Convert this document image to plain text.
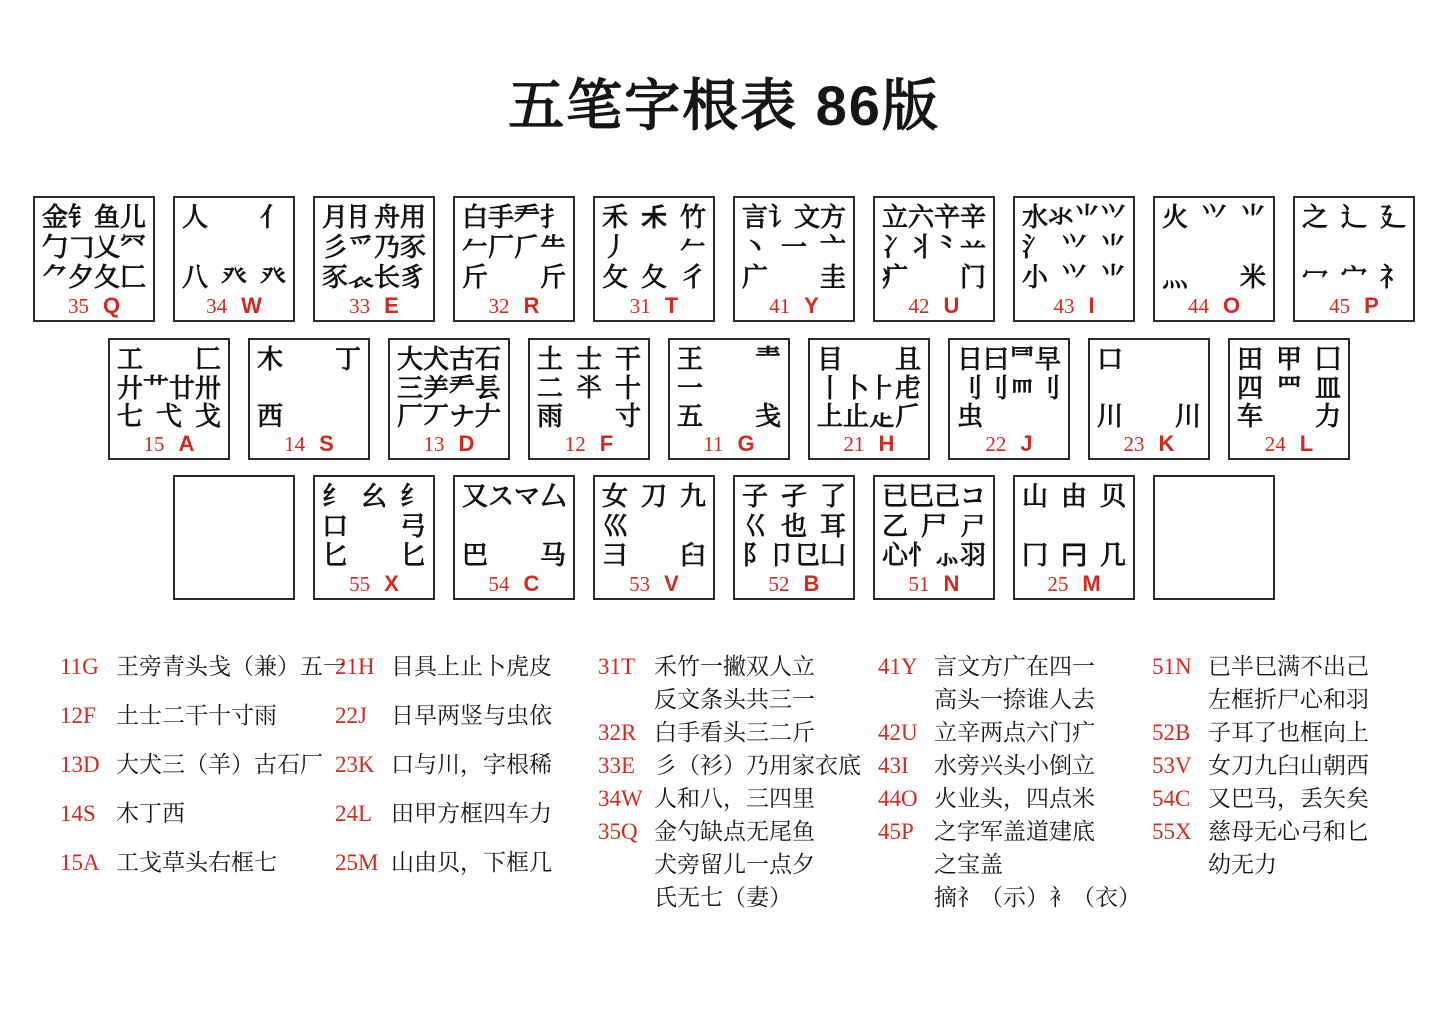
五笔字根表 86版
金 钅 鱼 儿
勹 𠃌 乂 ⺳
⺈ 夕 夂 匚
35 Q
人 亻
八 癶 癶
34 W
月 ⺝ 舟 用
彡 爫 乃 豕
豕 𧘇 长 豸
33 E
白 手 龵 扌
𠂉 厂 𠂆 ⺧
斤 斤
32 R
禾 𥝌 竹
丿 𠂉
攵 夂 彳
31 T
言 讠 文 方
丶 一 亠
广 圭
41 Y
立 六 䇂 辛
冫 丬 ⺀ 䒑
疒 门
42 U
水 氺 ⺌ ⺍
氵 ⺍ ⺌
小 ⺍ ⺌
43 I
火 ⺍ ⺌
灬 米
44 O
之 辶 廴
冖 宀 礻
45 P
工 匚
廾 艹 廿 卅
七 弋 戈
15 A
木 丁
西
14 S
大 犬 古 石
三 ⺶ 龵 镸
厂 丆 ナ 𠂇
13 D
土 士 干
二 𠦂 十
雨 寸
12 F
王 龶
一
五 戋
11 G
目 且
丨 卜 ⺊ 虍
上 止 龰 𠂆
21 H
日 曰 ⺜ 早
刂 刂 ⺵ 刂
虫
22 J
口
川 川
23 K
田 甲 囗
四 罒 皿
车 力
24 L
纟 幺 纟
口 弓
匕 匕
55 X
又 ス マ 厶
巴 马
54 C
女 刀 九
巛
彐 臼
53 V
子 孑 了
巜 也 耳
阝 卩 㔾 凵
52 B
已 巳 己 コ
乙 尸 𡰣
心 忄 ⺗ 羽
51 N
山 由 贝
冂 𠔼 几
25 M
11G 王旁青头戋（兼）五一
12F 土士二干十寸雨
13D 大犬三（羊）古石厂
14S 木丁西
15A 工戈草头右框七
21H 目具上止卜虎皮
22J	日早两竖与虫依
23K 口与川，字根稀
24L 田甲方框四车力
25M 山由贝，下框几
31T 禾竹一撇双人立
反文条头共三一
32R 白手看头三二斤
33E 彡（衫）乃用家衣底
34W 人和八，三四里
35Q 金勺缺点无尾鱼
犬旁留儿一点夕
氏无七（妻）
41Y 言文方广在四一
高头一捺谁人去
42U 立辛两点六门疒
43I	水旁兴头小倒立
44O 火业头，四点米
45P 之字军盖道建底
之宝盖
摘礻（示）衤（衣）
51N 已半巳满不出己
左框折尸心和羽
52B 子耳了也框向上
53V 女刀九臼山朝西
54C 又巴马，丢矢矣
55X 慈母无心弓和匕
幼无力
